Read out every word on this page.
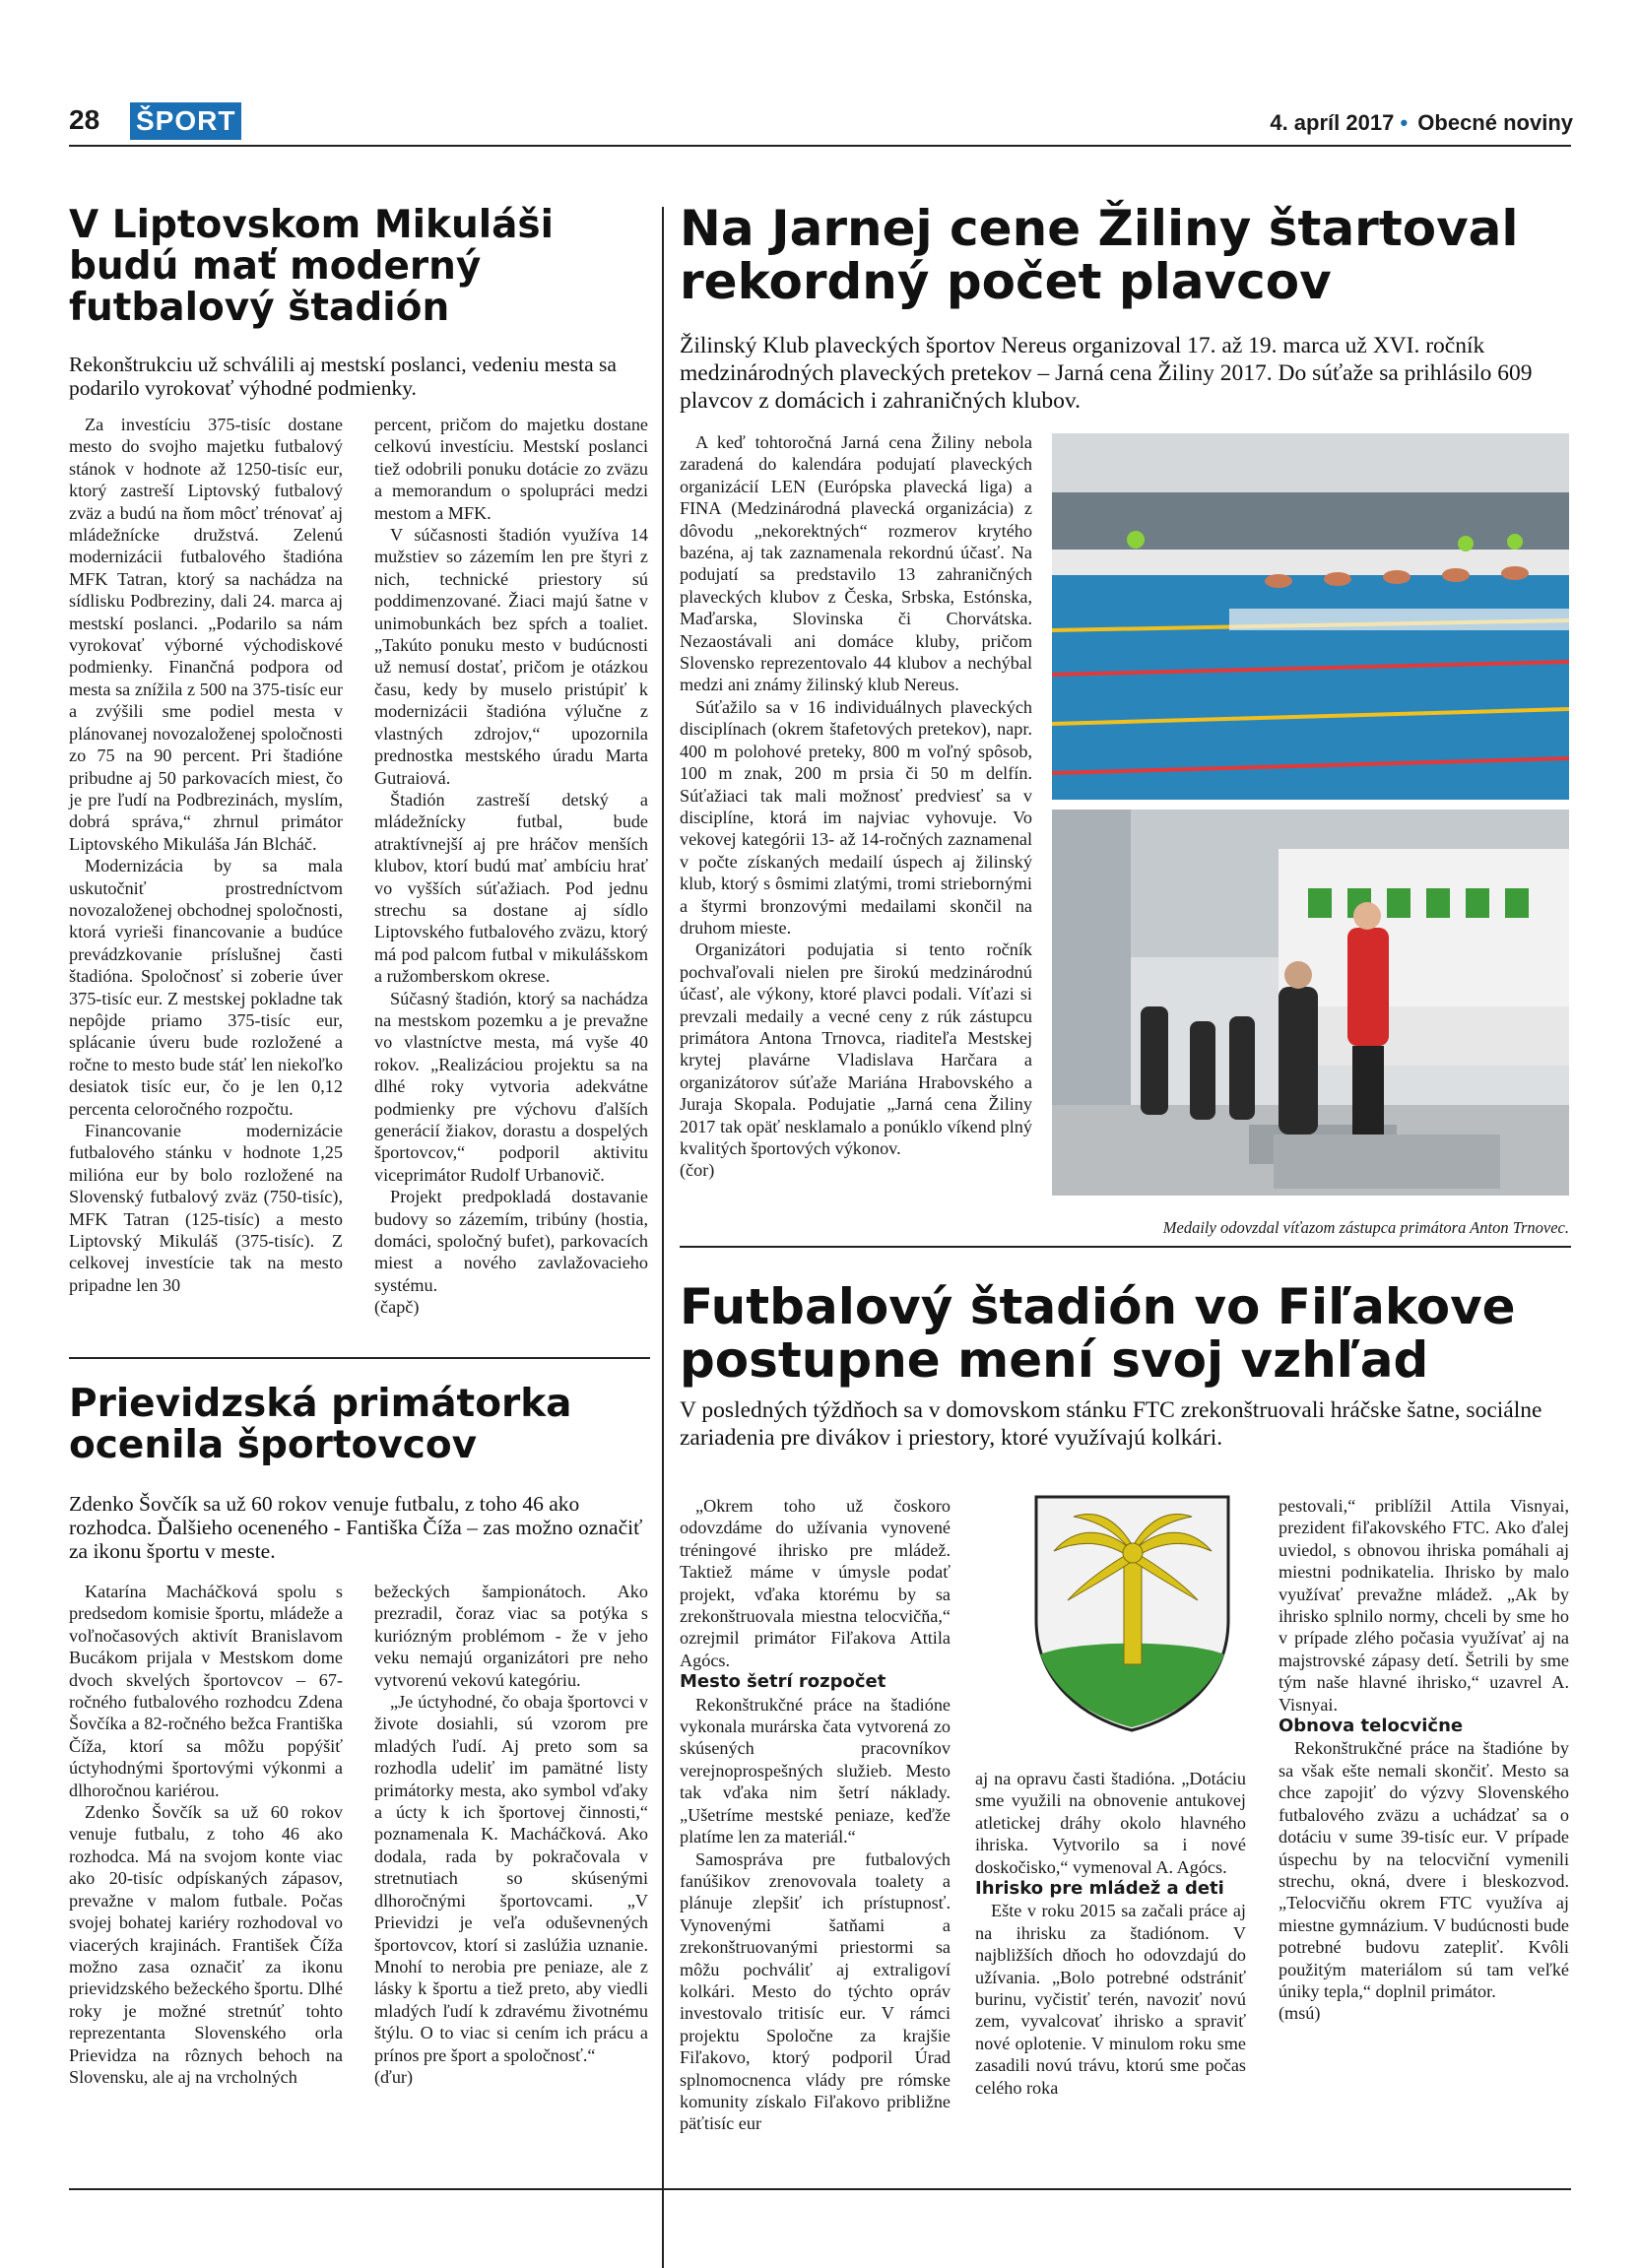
28 ŠPORT	4. apríl 2017 • Obecné noviny
V Liptovskom Mikuláši budú mať moderný futbalový štadión

Rekonštrukciu už schválili aj mestskí poslanci, vedeniu mesta sa podarilo vyrokovať výhodné podmienky.

Za investíciu 375-tisíc dostane mesto do svojho majetku futbalový stánok v hodnote až 1250-tisíc eur, ktorý zastreší Liptovský futbalový zväz a budú na ňom môcť trénovať aj mládežnícke družstvá. Zelenú modernizácii futbalového štadióna MFK Tatran, ktorý sa nachádza na sídlisku Podbreziny, dali 24. marca aj mestskí poslanci. „Podarilo sa nám vyrokovať výborné východiskové podmienky. Finančná podpora od mesta sa znížila z 500 na 375-tisíc eur a zvýšili sme podiel mesta v plánovanej novozaloženej spoločnosti zo 75 na 90 percent. Pri štadióne pribudne aj 50 parkovacích miest, čo je pre ľudí na Podbrezinách, myslím, dobrá správa,“ zhrnul primátor Liptovského Mikuláša Ján Blcháč.

Modernizácia by sa mala uskutočniť prostredníctvom novozaloženej obchodnej spoločnosti, ktorá vyrieši financovanie a budúce prevádzkovanie príslušnej časti štadióna. Spoločnosť si zoberie úver 375-tisíc eur. Z mestskej pokladne tak nepôjde priamo 375-tisíc eur, splácanie úveru bude rozložené a ročne to mesto bude stáť len niekoľko desiatok tisíc eur, čo je len 0,12 percenta celoročného rozpočtu.

Financovanie modernizácie futbalového stánku v hodnote 1,25 milióna eur by bolo rozložené na Slovenský futbalový zväz (750-tisíc), MFK Tatran (125-tisíc) a mesto Liptovský Mikuláš (375-tisíc). Z celkovej investície tak na mesto pripadne len 30

percent, pričom do majetku dostane celkovú investíciu. Mestskí poslanci tiež odobrili ponuku dotácie zo zväzu a memorandum o spolupráci medzi mestom a MFK.

V súčasnosti štadión využíva 14 mužstiev so zázemím len pre štyri z nich, technické priestory sú poddimenzované. Žiaci majú šatne v unimobunkách bez spŕch a toaliet. „Takúto ponuku mesto v budúcnosti už nemusí dostať, pričom je otázkou času, kedy by muselo pristúpiť k modernizácii štadióna výlučne z vlastných zdrojov,“ upozornila prednostka mestského úradu Marta Gutraiová.

Štadión zastreší detský a mládežnícky futbal, bude atraktívnejší aj pre hráčov menších klubov, ktorí budú mať ambíciu hrať vo vyšších súťažiach. Pod jednu strechu sa dostane aj sídlo Liptovského futbalového zväzu, ktorý má pod palcom futbal v mikulášskom a ružomberskom okrese.

Súčasný štadión, ktorý sa nachádza na mestskom pozemku a je prevažne vo vlastníctve mesta, má vyše 40 rokov. „Realizáciou projektu sa na dlhé roky vytvoria adekvátne podmienky pre výchovu ďalších generácií žiakov, dorastu a dospelých športovcov,“ podporil aktivitu viceprimátor Rudolf Urbanovič.

Projekt predpokladá dostavanie budovy so zázemím, tribúny (hostia, domáci, spoločný bufet), parkovacích miest a nového zavlažovacieho systému.

(čapč)

Na Jarnej cene Žiliny štartoval rekordný počet plavcov

Žilinský Klub plaveckých športov Nereus organizoval 17. až 19. marca už XVI. ročník medzinárodných plaveckých pretekov – Jarná cena Žiliny 2017. Do súťaže sa prihlásilo 609 plavcov z domácich i zahraničných klubov.

A keď tohtoročná Jarná cena Žiliny nebola zaradená do kalendára podujatí plaveckých organizácií LEN (Európska plavecká liga) a FINA (Medzinárodná plavecká organizácia) z dôvodu „nekorektných“ rozmerov krytého bazéna, aj tak zaznamenala rekordnú účasť. Na podujatí sa predstavilo 13 zahraničných plaveckých klubov z Česka, Srbska, Estónska, Maďarska, Slovinska či Chorvátska. Nezaostávali ani domáce kluby, pričom Slovensko reprezentovalo 44 klubov a nechýbal medzi ani známy žilinský klub Nereus.

Súťažilo sa v 16 individuálnych plaveckých disciplínach (okrem štafetových pretekov), napr. 400 m polohové preteky, 800 m voľný spôsob, 100 m znak, 200 m prsia či 50 m delfín. Súťažiaci tak mali možnosť predviesť sa v disciplíne, ktorá im najviac vyhovuje. Vo vekovej kategórii 13- až 14-ročných zaznamenal v počte získaných medailí úspech aj žilinský klub, ktorý s ôsmimi zlatými, tromi striebornými a štyrmi bronzovými medailami skončil na druhom mieste.

Organizátori podujatia si tento ročník pochvaľovali nielen pre širokú medzinárodnú účasť, ale výkony, ktoré plavci podali. Víťazi si prevzali medaily a vecné ceny z rúk zástupcu primátora Antona Trnovca, riaditeľa Mestskej krytej plavárne Vladislava Harčara a organizátorov súťaže Mariána Hrabovského a Juraja Skopala. Podujatie „Jarná cena Žiliny 2017 tak opäť nesklamalo a ponúklo víkend plný kvalitých športových výkonov.

(čor)

Medaily odovzdal víťazom zástupca primátora Anton Trnovec.
Prievidzská primátorka ocenila športovcov

Zdenko Šovčík sa už 60 rokov venuje futbalu, z toho 46 ako rozhodca. Ďalšieho oceneného - Fantiška Číža – zas možno označiť za ikonu športu v meste.

Katarína Macháčková spolu s predsedom komisie športu, mládeže a voľnočasových aktivít Branislavom Bucákom prijala v Mestskom dome dvoch skvelých športovcov – 67-ročného futbalového rozhodcu Zdena Šovčíka a 82-ročného bežca Františka Číža, ktorí sa môžu popýšiť úctyhodnými športovými výkonmi a dlhoročnou kariérou.

Zdenko Šovčík sa už 60 rokov venuje futbalu, z toho 46 ako rozhodca. Má na svojom konte viac ako 20-tisíc odpískaných zápasov, prevažne v malom futbale. Počas svojej bohatej kariéry rozhodoval vo viacerých krajinách. František Číža možno zasa označiť za ikonu prievidzského bežeckého športu. Dlhé roky je možné stretnúť tohto reprezentanta Slovenského orla Prievidza na rôznych behoch na Slovensku, ale aj na vrcholných

bežeckých šampionátoch. Ako prezradil, čoraz viac sa potýka s kuriózným problémom - že v jeho veku nemajú organizátori pre neho vytvorenú vekovú kategóriu.

„Je úctyhodné, čo obaja športovci v živote dosiahli, sú vzorom pre mladých ľudí. Aj preto som sa rozhodla udeliť im pamätné listy primátorky mesta, ako symbol vďaky a úcty k ich športovej činnosti,“ poznamenala K. Macháčková. Ako dodala, rada by pokračovala v stretnutiach so skúsenými dlhoročnými športovcami. „V Prievidzi je veľa oduševnených športovcov, ktorí si zaslúžia uznanie. Mnohí to nerobia pre peniaze, ale z lásky k športu a tiež preto, aby viedli mladých ľudí k zdravému životnému štýlu. O to viac si cením ich prácu a prínos pre šport a spoločnosť.“

(ďur)

Futbalový štadión vo Fiľakove postupne mení svoj vzhľad

V posledných týždňoch sa v domovskom stánku FTC zrekonštruovali hráčske šatne, sociálne zariadenia pre divákov i priestory, ktoré využívajú kolkári.

„Okrem toho už čoskoro odovzdáme do užívania vynovené tréningové ihrisko pre mládež. Taktiež máme v úmysle podať projekt, vďaka ktorému by sa zrekonštruovala miestna telocvičňa,“ ozrejmil primátor Fiľakova Attila Agócs.

Mesto šetrí rozpočet

Rekonštrukčné práce na štadióne vykonala murárska čata vytvorená zo skúsených pracovníkov verejnoprospešných služieb. Mesto tak vďaka nim šetrí náklady. „Ušetríme mestské peniaze, keďže platíme len za materiál.“

Samospráva pre futbalových fanúšikov zrenovovala toalety a plánuje zlepšiť ich prístupnosť. Vynovenými šatňami a zrekonštruovanými priestormi sa môžu pochváliť aj extraligoví kolkári. Mesto do týchto opráv investovalo tritisíc eur. V rámci projektu Spoločne za krajšie Fiľakovo, ktorý podporil Úrad splnomocnenca vlády pre rómske komunity získalo Fiľakovo približne päťtisíc eur

aj na opravu časti štadióna. „Dotáciu sme využili na obnovenie antukovej atletickej dráhy okolo hlavného ihriska. Vytvorilo sa i nové doskočisko,“ vymenoval A. Agócs.

Ihrisko pre mládež a deti

Ešte v roku 2015 sa začali práce aj na ihrisku za štadiónom. V najbližších dňoch ho odovzdajú do užívania. „Bolo potrebné odstrániť burinu, vyčistiť terén, navoziť novú zem, vyvalcovať ihrisko a spraviť nové oplotenie. V minulom roku sme zasadili novú trávu, ktorú sme počas celého roka

pestovali,“ priblížil Attila Visnyai, prezident fiľakovského FTC. Ako ďalej uviedol, s obnovou ihriska pomáhali aj miestni podnikatelia. Ihrisko by malo využívať prevažne mládež. „Ak by ihrisko splnilo normy, chceli by sme ho v prípade zlého počasia využívať aj na majstrovské zápasy detí. Šetrili by sme tým naše hlavné ihrisko,“ uzavrel A. Visnyai.

Obnova telocvične

Rekonštrukčné práce na štadióne by sa však ešte nemali skončiť. Mesto sa chce zapojiť do výzvy Slovenského futbalového zväzu a uchádzať sa o dotáciu v sume 39-tisíc eur. V prípade úspechu by na telocviční vymenili strechu, okná, dvere i bleskozvod. „Telocvičňu okrem FTC využíva aj miestne gymnázium. V budúcnosti bude potrebné budovu zatepliť. Kvôli použitým materiálom sú tam veľké úniky tepla,“ doplnil primátor.

(msú)
